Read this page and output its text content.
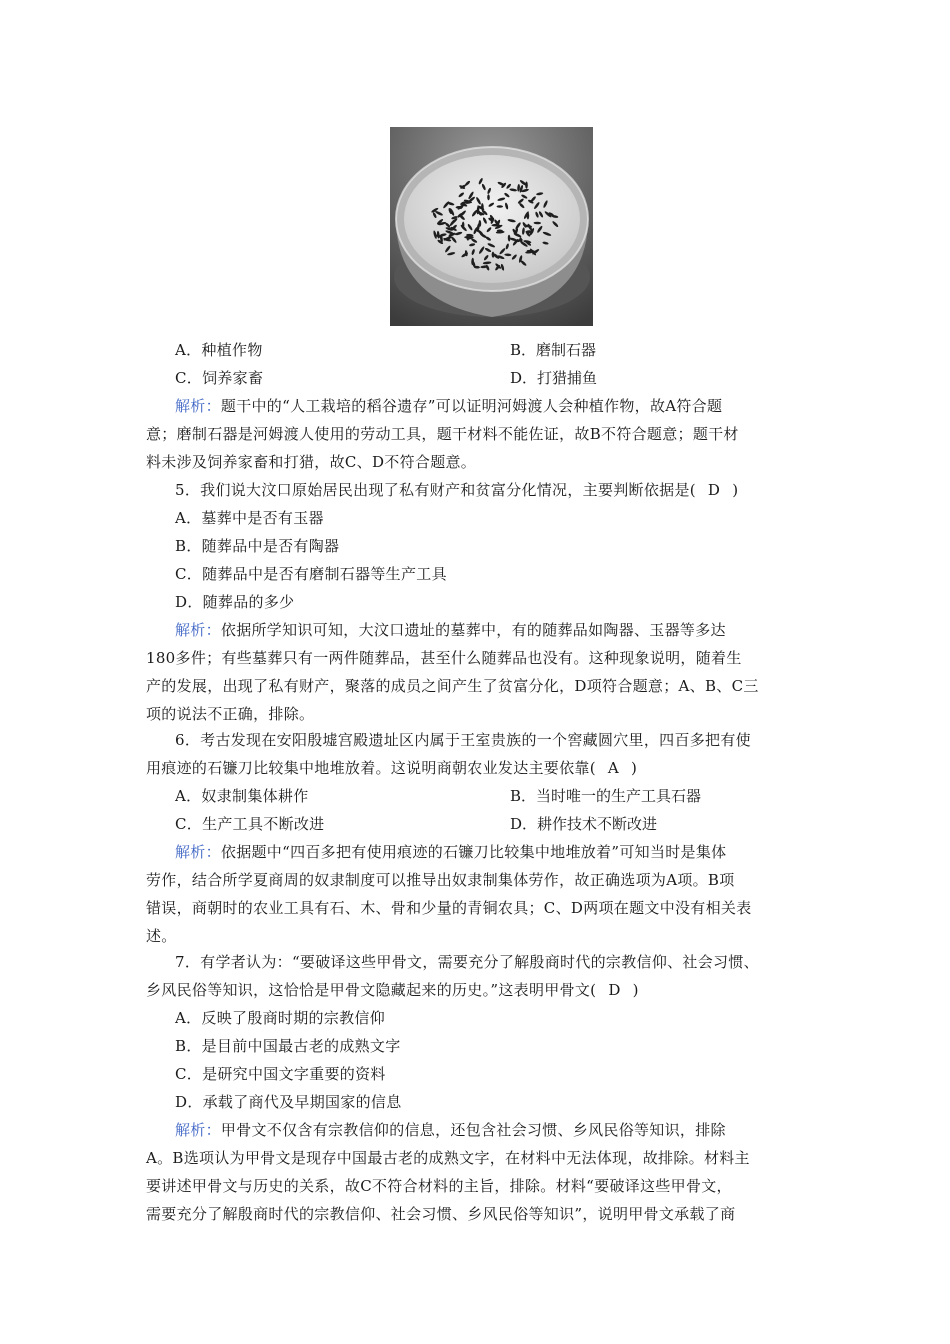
A．种植作物	B．磨制石器
C．饲养家畜	D．打猎捕鱼
解析：题干中的“人工栽培的稻谷遗存”可以证明河姆渡人会种植作物，故A符合题
意；磨制石器是河姆渡人使用的劳动工具，题干材料不能佐证，故B不符合题意；题干材
料未涉及饲养家畜和打猎，故C、D不符合题意。
5．我们说大汶口原始居民出现了私有财产和贫富分化情况，主要判断依据是( D )
A．墓葬中是否有玉器
B．随葬品中是否有陶器
C．随葬品中是否有磨制石器等生产工具
D．随葬品的多少
解析：依据所学知识可知，大汶口遗址的墓葬中，有的随葬品如陶器、玉器等多达
180多件；有些墓葬只有一两件随葬品，甚至什么随葬品也没有。这种现象说明，随着生
产的发展，出现了私有财产，聚落的成员之间产生了贫富分化，D项符合题意；A、B、C三
项的说法不正确，排除。
6．考古发现在安阳殷墟宫殿遗址区内属于王室贵族的一个窖藏圆穴里，四百多把有使
用痕迹的石镰刀比较集中地堆放着。这说明商朝农业发达主要依靠( A )
A．奴隶制集体耕作	B．当时唯一的生产工具石器
C．生产工具不断改进	D．耕作技术不断改进
解析：依据题中“四百多把有使用痕迹的石镰刀比较集中地堆放着”可知当时是集体
劳作，结合所学夏商周的奴隶制度可以推导出奴隶制集体劳作，故正确选项为A项。B项
错误，商朝时的农业工具有石、木、骨和少量的青铜农具；C、D两项在题文中没有相关表
述。
7．有学者认为：“要破译这些甲骨文，需要充分了解殷商时代的宗教信仰、社会习惯、
乡风民俗等知识，这恰恰是甲骨文隐藏起来的历史。”这表明甲骨文( D )
A．反映了殷商时期的宗教信仰
B．是目前中国最古老的成熟文字
C．是研究中国文字重要的资料
D．承载了商代及早期国家的信息
解析：甲骨文不仅含有宗教信仰的信息，还包含社会习惯、乡风民俗等知识，排除
A。B选项认为甲骨文是现存中国最古老的成熟文字，在材料中无法体现，故排除。材料主
要讲述甲骨文与历史的关系，故C不符合材料的主旨，排除。材料“要破译这些甲骨文，
需要充分了解殷商时代的宗教信仰、社会习惯、乡风民俗等知识”，说明甲骨文承载了商
